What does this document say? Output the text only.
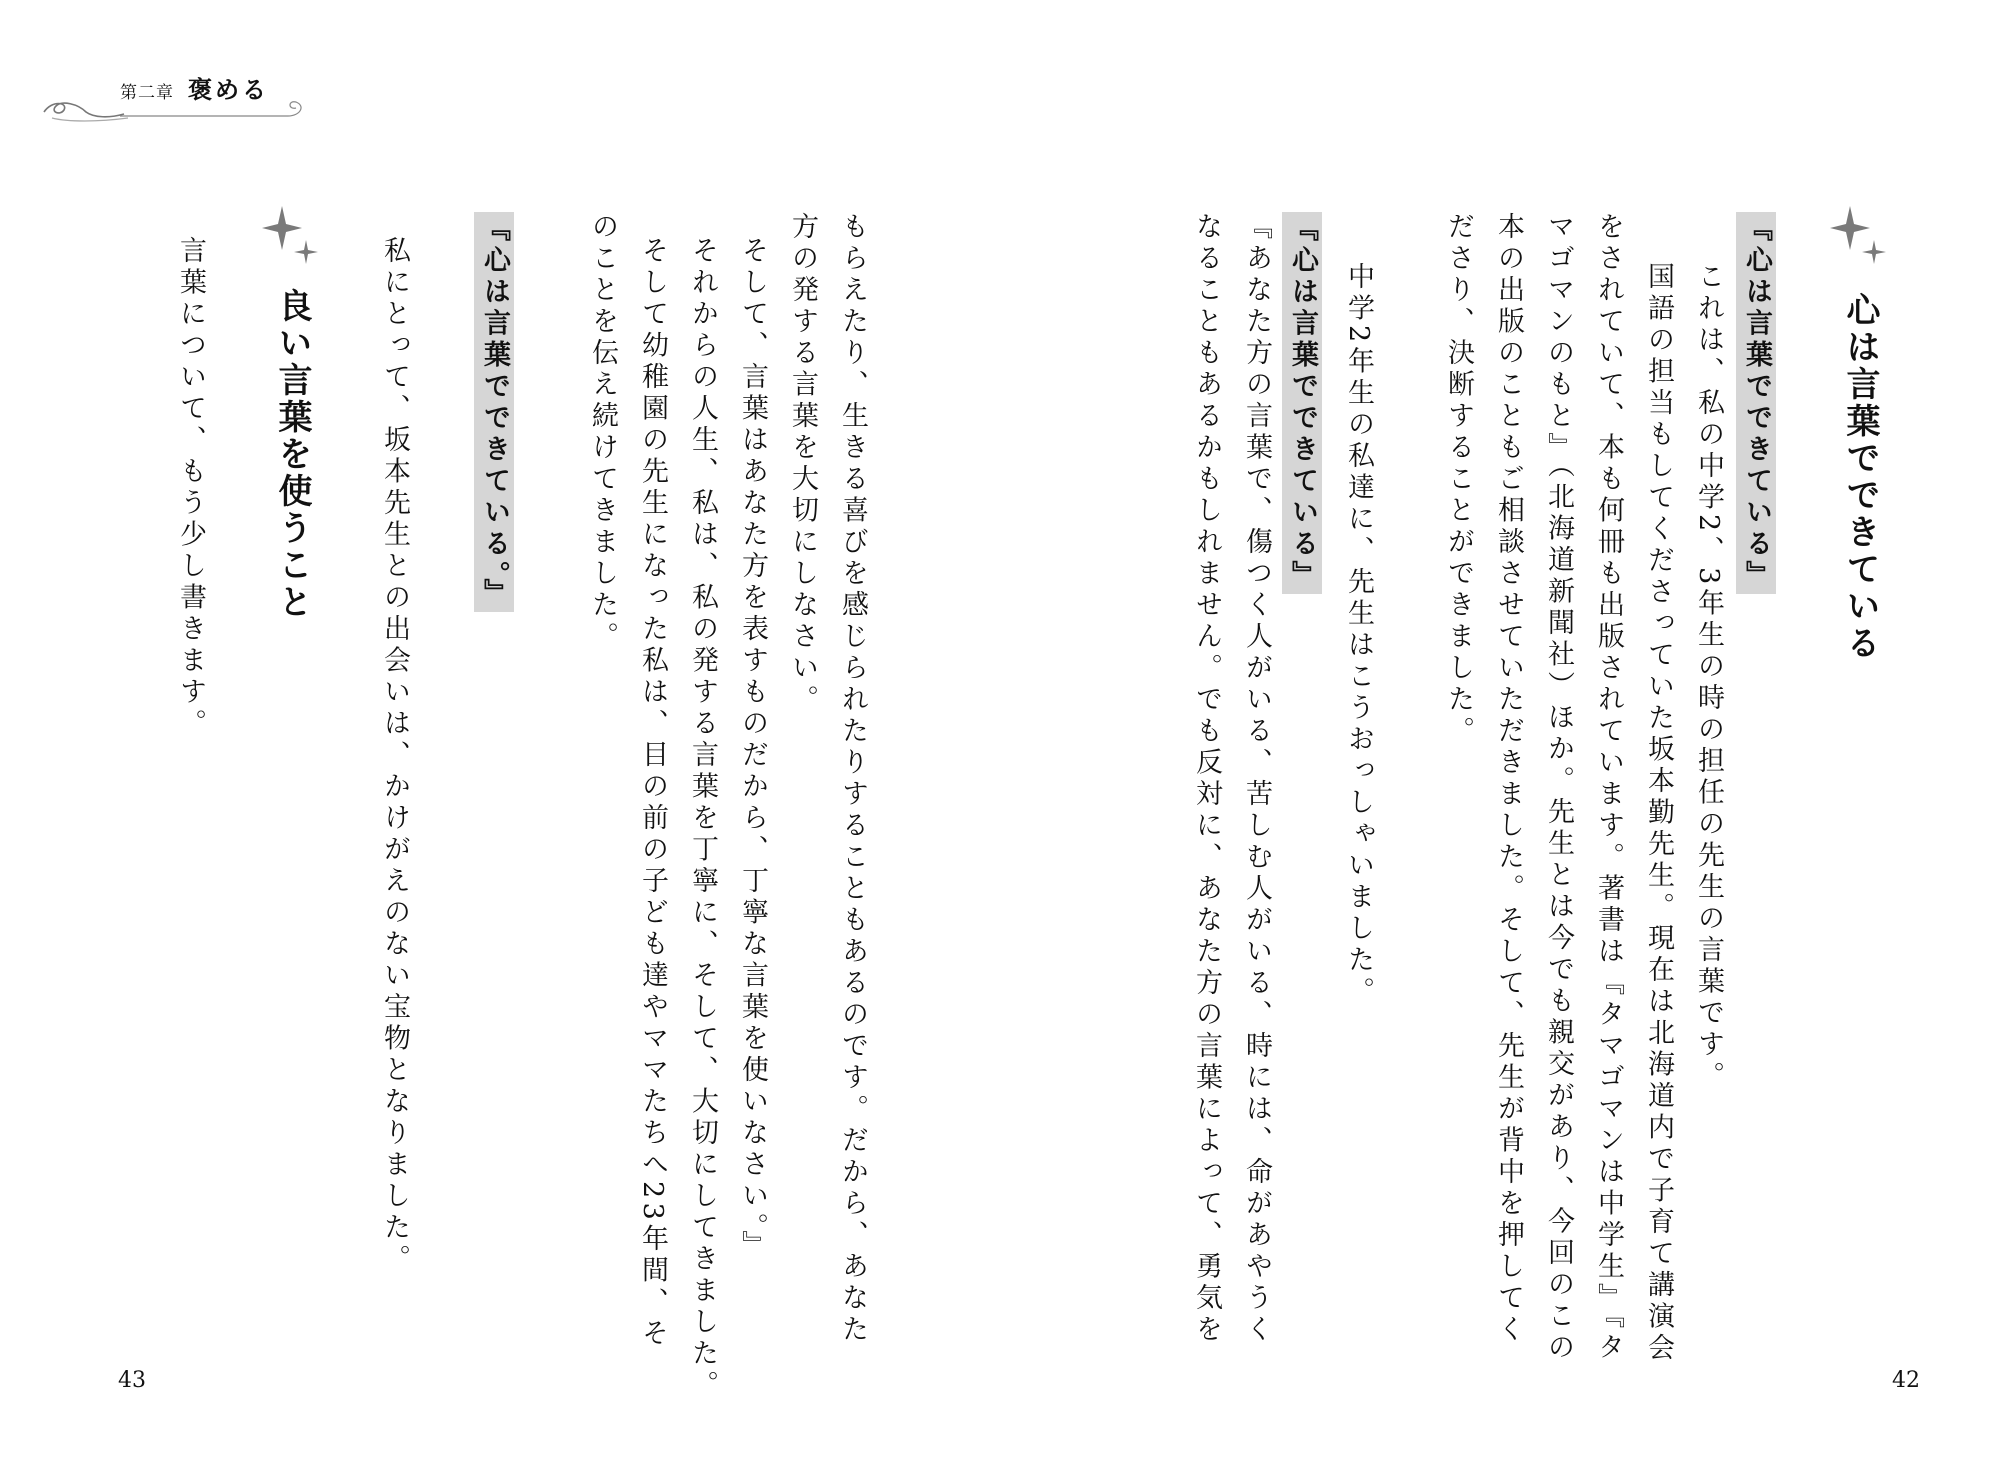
第二章 褒める
心は言葉でできている
『心は言葉でできている』
これは、私の中学2、3年生の時の担任の先生の言葉です。
国語の担当もしてくださっていた坂本勤先生。現在は北海道内で子育て講演会
をされていて、本も何冊も出版されています。著書は『タマゴマンは中学生』『タ
マゴマンのもと』（北海道新聞社）ほか。先生とは今でも親交があり、今回のこの
本の出版のこともご相談させていただきました。そして、先生が背中を押してく
ださり、決断することができました。
中学2年生の私達に、先生はこうおっしゃいました。
『心は言葉でできている』
『あなた方の言葉で、傷つく人がいる、苦しむ人がいる、時には、命があやうく
なることもあるかもしれません。でも反対に、あなた方の言葉によって、勇気を
42
もらえたり、生きる喜びを感じられたりすることもあるのです。だから、あなた
方の発する言葉を大切にしなさい。
そして、言葉はあなた方を表すものだから、丁寧な言葉を使いなさい。』
それからの人生、私は、私の発する言葉を丁寧に、そして、大切にしてきました。
そして幼稚園の先生になった私は、目の前の子ども達やママたちへ23年間、そ
のことを伝え続けてきました。
『心は言葉でできている。』
私にとって、坂本先生との出会いは、かけがえのない宝物となりました。
良い言葉を使うこと
言葉について、もう少し書きます。
43
